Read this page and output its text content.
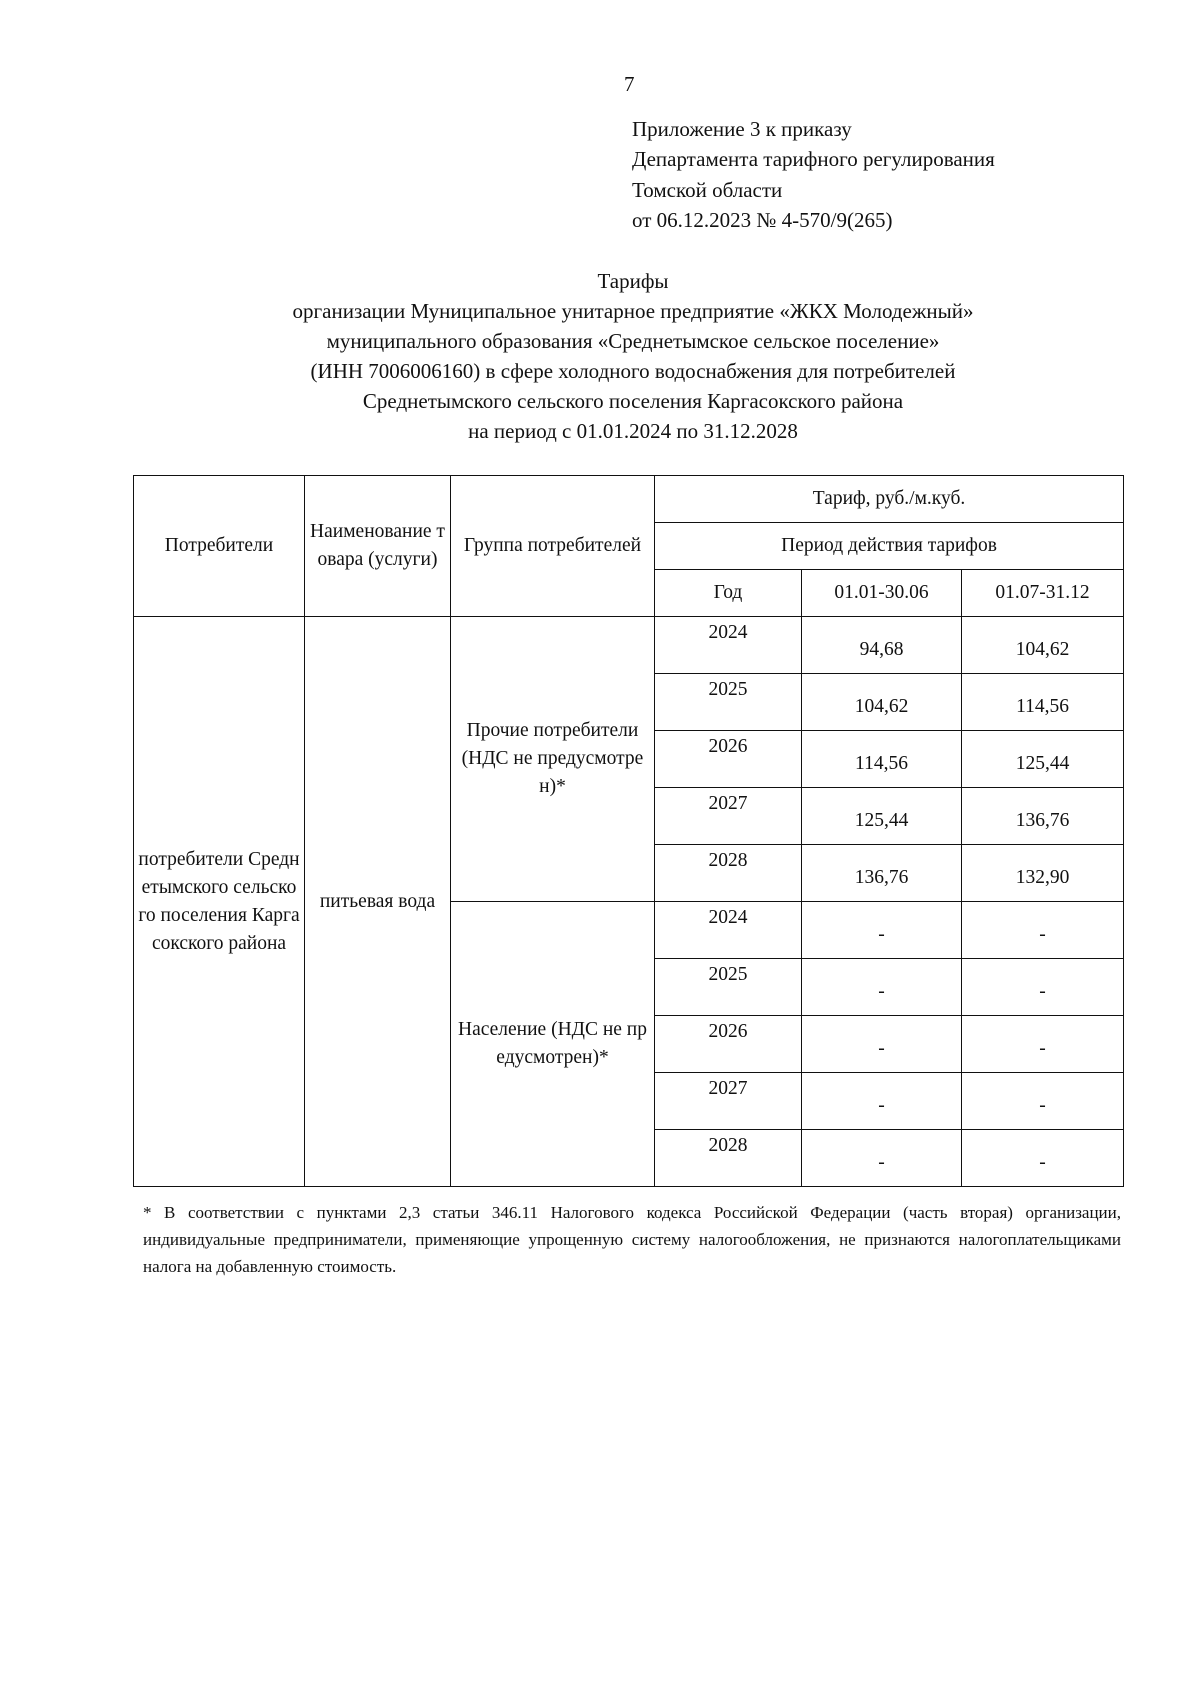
7
Приложение 3 к приказу
Департамента тарифного регулирования
Томской области
от 06.12.2023 № 4-570/9(265)
Тарифы
организации Муниципальное унитарное предприятие «ЖКХ Молодежный»
муниципального образования «Среднетымское сельское поселение»
(ИНН 7006006160) в сфере холодного водоснабжения для потребителей
Среднетымского сельского поселения Каргасокского района
на период с 01.01.2024 по 31.12.2028
Потребители	Наименование товара (услуги)	Группа потребителей	Тариф, руб./м.куб.		
			Период действия тарифов		
			Год	01.01-30.06	01.07-31.12
потребители Среднетымского сельского поселения Каргасокского района	питьевая вода	Прочие потребители (НДС не предусмотрен)*	2024	94,68	104,62
			2025	104,62	114,56
			2026	114,56	125,44
			2027	125,44	136,76
			2028	136,76	132,90
		Население (НДС не предусмотрен)*	2024	-	-
			2025	-	-
			2026	-	-
			2027	-	-
			2028	-	-
* В соответствии с пунктами 2,3 статьи 346.11 Налогового кодекса Российской Федерации (часть вторая) организации, индивидуальные предприниматели, применяющие упрощенную систему налогообложения, не признаются налогоплательщиками налога на добавленную стоимость.
